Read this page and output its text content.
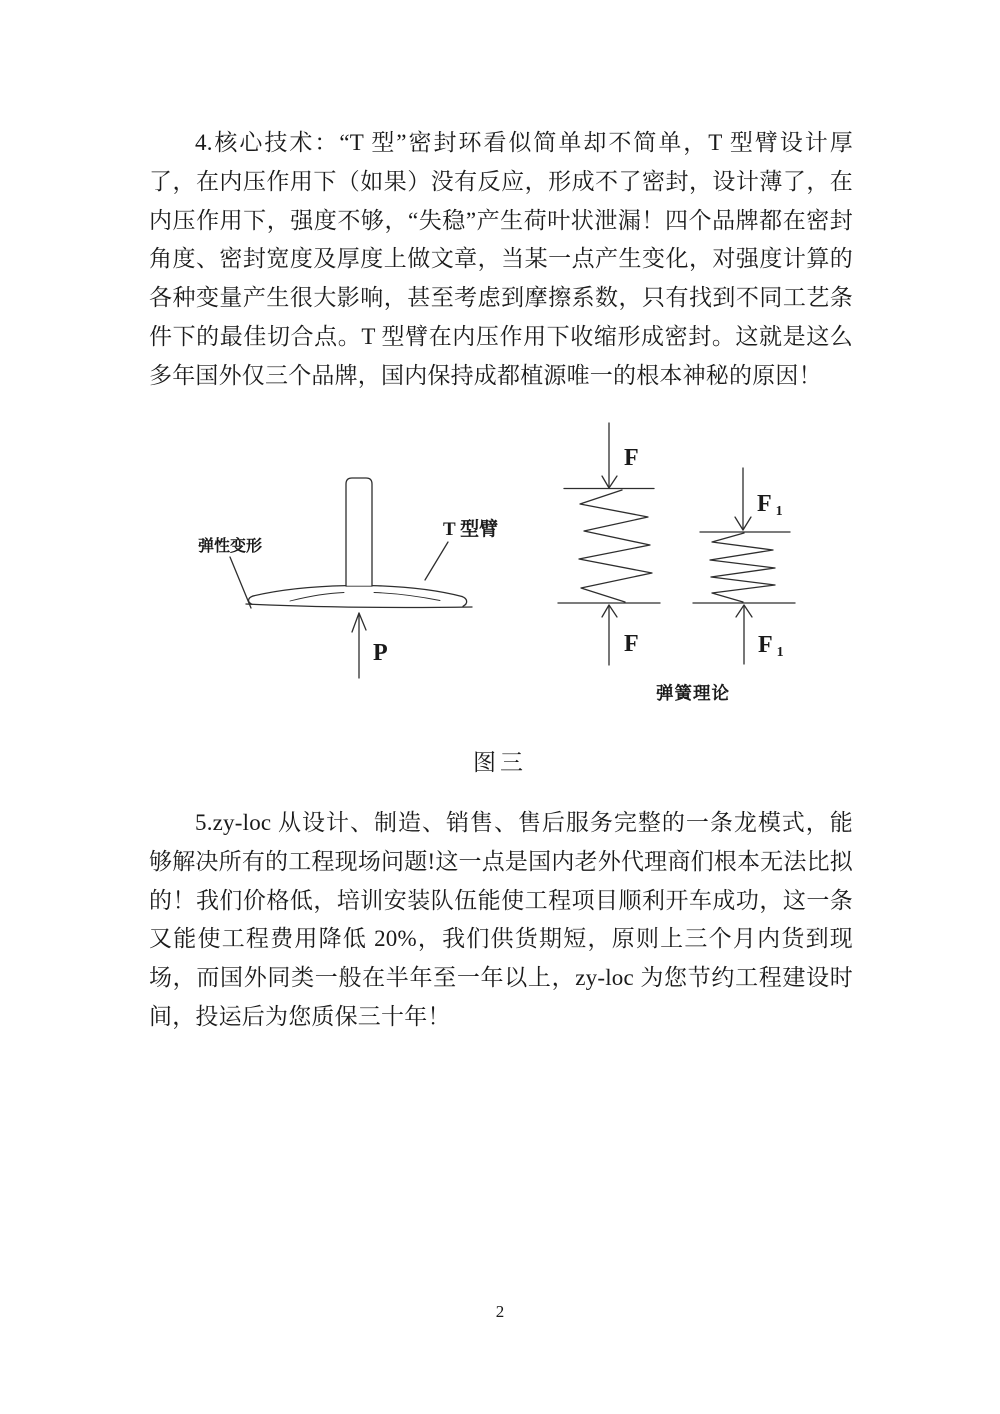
4.核心技术：“T 型”密封环看似简单却不简单，T 型臂设计厚了，在内压作用下（如果）没有反应，形成不了密封，设计薄了，在内压作用下，强度不够，“失稳”产生荷叶状泄漏！四个品牌都在密封角度、密封宽度及厚度上做文章，当某一点产生变化，对强度计算的各种变量产生很大影响，甚至考虑到摩擦系数，只有找到不同工艺条件下的最佳切合点。T 型臂在内压作用下收缩形成密封。这就是这么多年国外仅三个品牌，国内保持成都植源唯一的根本神秘的原因！
弹性变形
T 型臂
P
F
F
F 1
F 1
弹簧理论
图三
5.zy-loc 从设计、制造、销售、售后服务完整的一条龙模式，能够解决所有的工程现场问题!这一点是国内老外代理商们根本无法比拟的！我们价格低，培训安装队伍能使工程项目顺利开车成功，这一条又能使工程费用降低 20%，我们供货期短，原则上三个月内货到现场，而国外同类一般在半年至一年以上，zy-loc 为您节约工程建设时间，投运后为您质保三十年！
2
